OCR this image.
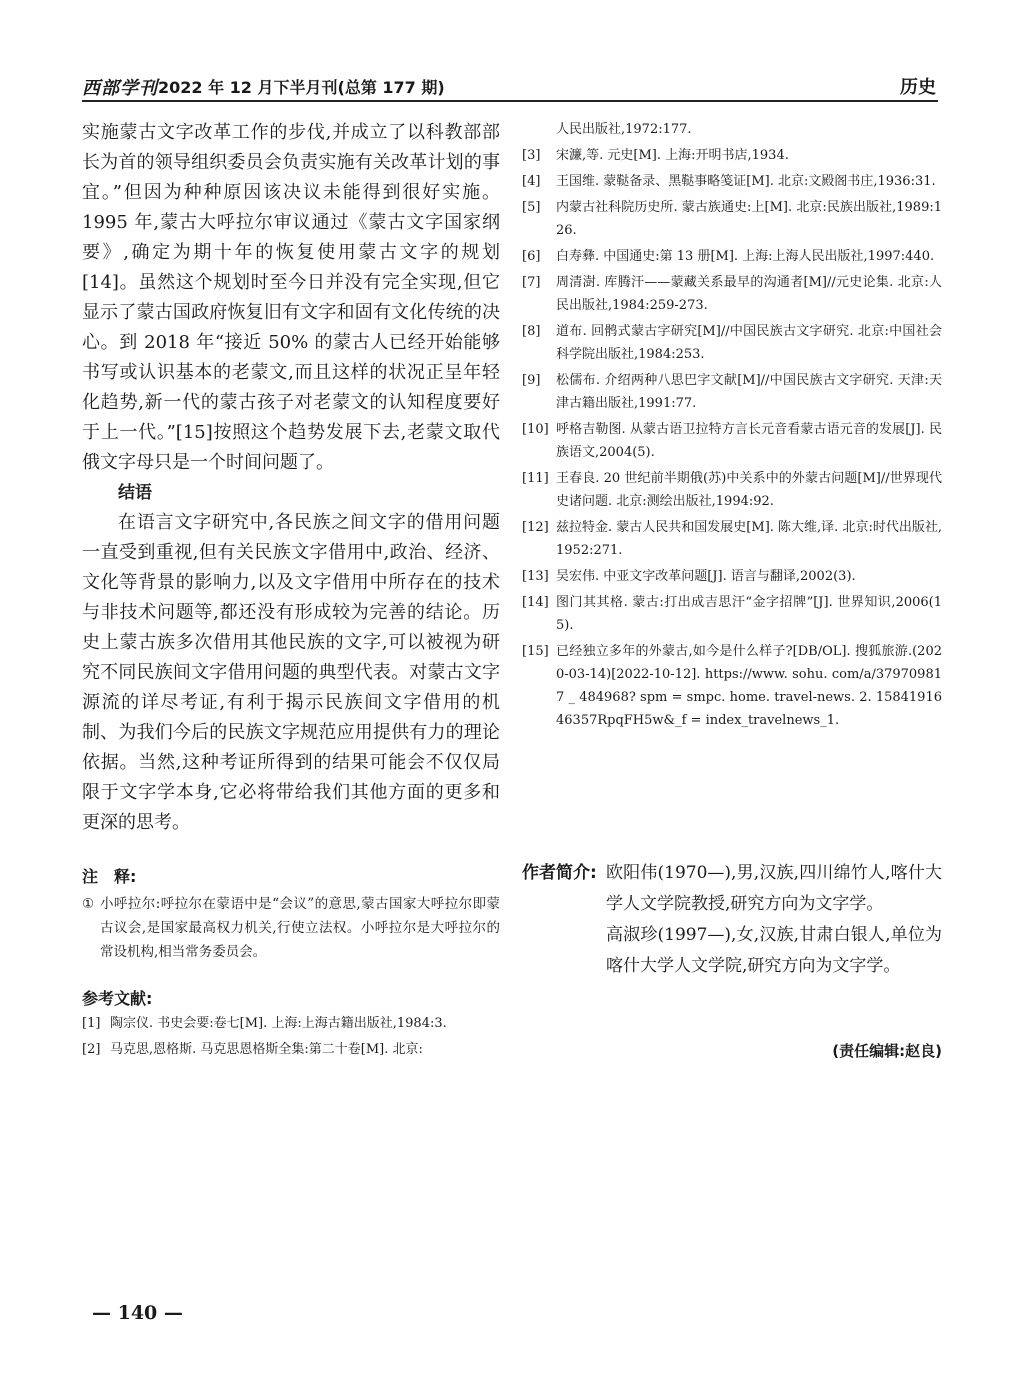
西部学刊 2022 年 12 月下半月刊(总第 177 期)	历史

实施蒙古文字改革工作的步伐,并成立了以科教部部长为首的领导组织委员会负责实施有关改革计划的事宜。”但因为种种原因该决议未能得到很好实施。1995 年,蒙古大呼拉尔审议通过《蒙古文字国家纲要》,确定为期十年的恢复使用蒙古文字的规划[14]。虽然这个规划时至今日并没有完全实现,但它显示了蒙古国政府恢复旧有文字和固有文化传统的决心。到 2018 年“接近 50% 的蒙古人已经开始能够书写或认识基本的老蒙文,而且这样的状况正呈年轻化趋势,新一代的蒙古孩子对老蒙文的认知程度要好于上一代。”[15]按照这个趋势发展下去,老蒙文取代俄文字母只是一个时间问题了。

结语

在语言文字研究中,各民族之间文字的借用问题一直受到重视,但有关民族文字借用中,政治、经济、文化等背景的影响力,以及文字借用中所存在的技术与非技术问题等,都还没有形成较为完善的结论。历史上蒙古族多次借用其他民族的文字,可以被视为研究不同民族间文字借用问题的典型代表。对蒙古文字源流的详尽考证,有利于揭示民族间文字借用的机制、为我们今后的民族文字规范应用提供有力的理论依据。当然,这种考证所得到的结果可能会不仅仅局限于文字学本身,它必将带给我们其他方面的更多和更深的思考。

注　释:
① 小呼拉尔:呼拉尔在蒙语中是“会议”的意思,蒙古国家大呼拉尔即蒙古议会,是国家最高权力机关,行使立法权。小呼拉尔是大呼拉尔的常设机构,相当常务委员会。
参考文献:
[1] 陶宗仪. 书史会要:卷七[M]. 上海:上海古籍出版社,1984:3.
[2] 马克思,恩格斯. 马克思恩格斯全集:第二十卷[M]. 北京:
人民出版社,1972:177.
[3] 宋濂,等. 元史[M]. 上海:开明书店,1934.
[4] 王国维. 蒙鞑备录、黑鞑事略笺证[M]. 北京:文殿阁书庄,1936:31.
[5] 内蒙古社科院历史所. 蒙古族通史:上[M]. 北京:民族出版社,1989:126.
[6] 白寿彝. 中国通史:第 13 册[M]. 上海:上海人民出版社,1997:440.
[7] 周清澍. 库腾汗——蒙藏关系最早的沟通者[M]//元史论集. 北京:人民出版社,1984:259-273.
[8] 道布. 回鹘式蒙古字研究[M]//中国民族古文字研究. 北京:中国社会科学院出版社,1984:253.
[9] 松儒布. 介绍两种八思巴字文献[M]//中国民族古文字研究. 天津:天津古籍出版社,1991:77.
[10] 呼格吉勒图. 从蒙古语卫拉特方言长元音看蒙古语元音的发展[J]. 民族语文,2004(5).
[11] 王春良. 20 世纪前半期俄(苏)中关系中的外蒙古问题[M]//世界现代史诸问题. 北京:测绘出版社,1994:92.
[12] 兹拉特金. 蒙古人民共和国发展史[M]. 陈大维,译. 北京:时代出版社,1952:271.
[13] 吴宏伟. 中亚文字改革问题[J]. 语言与翻译,2002(3).
[14] 图门其其格. 蒙古:打出成吉思汗“金字招牌”[J]. 世界知识,2006(15).
[15] 已经独立多年的外蒙古,如今是什么样子?[DB/OL]. 搜狐旅游.(2020-03-14)[2022-10-12]. https://www. sohu. com/a/379709817 _ 484968? spm = smpc. home. travel-news. 2. 1584191646357RpqFH5w&_f = index_travelnews_1.
作者简介: 欧阳伟(1970—),男,汉族,四川绵竹人,喀什大学人文学院教授,研究方向为文字学。

高淑珍(1997—),女,汉族,甘肃白银人,单位为喀什大学人文学院,研究方向为文字学。

(责任编辑:赵良)
— 140 —
